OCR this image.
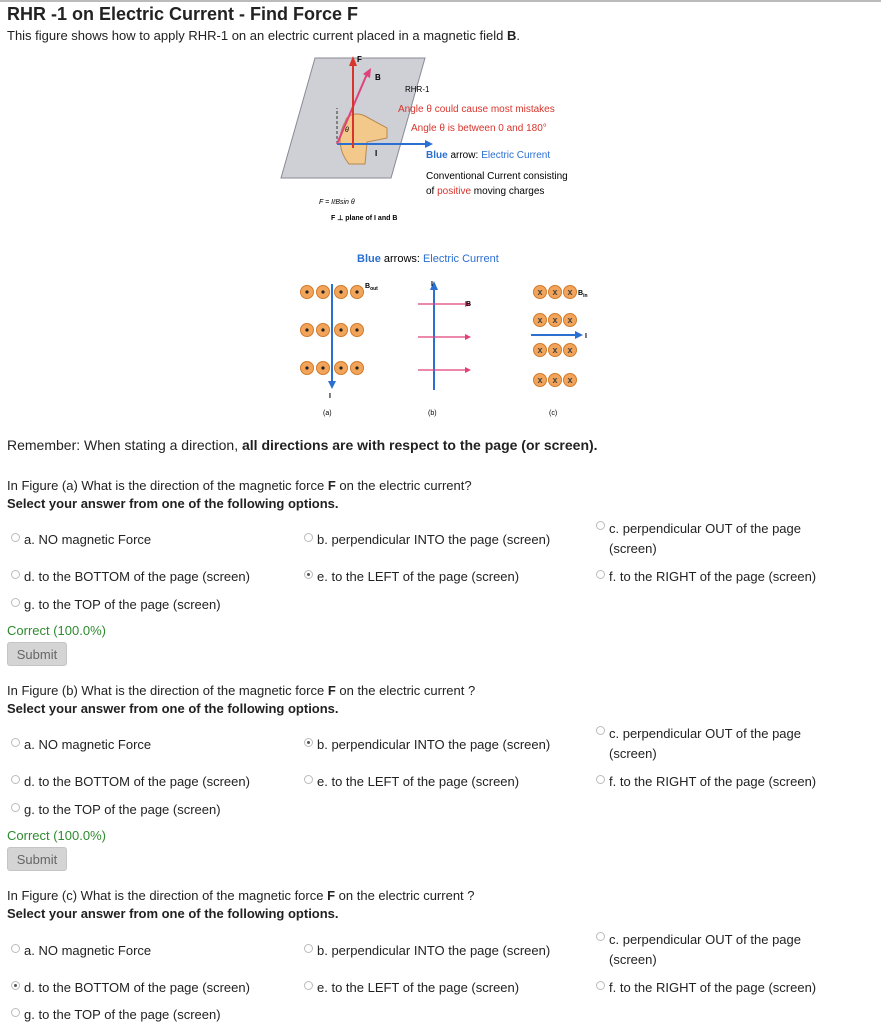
RHR -1 on Electric Current - Find Force F
This figure shows how to apply RHR-1 on an electric current placed in a magnetic field B.
F
B
I
θ
RHR-1
Angle θ could cause most mistakes
Angle θ is between 0 and 180°
Blue arrow: Electric Current
Conventional Current consisting
of positive moving charges
F = IℓBsin θ
F ⊥ plane of I and B
Blue arrows: Electric Current
$B_{out}$
I
I
B
x x x
x x x
x x x
x x x
I
$B_{in}$
(a)	(b)	(c)
Remember: When stating a direction, all directions are with respect to the page (or screen).
In Figure (a) What is the direction of the magnetic force F on the electric current?
Select your answer from one of the following options.
a. NO magnetic Force	b. perpendicular INTO the page (screen)
c. perpendicular OUT of the page (screen)
d. to the BOTTOM of the page (screen)	e. to the LEFT of the page (screen)	f. to the RIGHT of the page (screen)
g. to the TOP of the page (screen)
Correct (100.0%)
Submit
In Figure (b) What is the direction of the magnetic force F on the electric current ?
Select your answer from one of the following options.
a. NO magnetic Force	b. perpendicular INTO the page (screen)
c. perpendicular OUT of the page (screen)
d. to the BOTTOM of the page (screen)	e. to the LEFT of the page (screen)	f. to the RIGHT of the page (screen)
g. to the TOP of the page (screen)
Correct (100.0%)
Submit
In Figure (c) What is the direction of the magnetic force F on the electric current ?
Select your answer from one of the following options.
a. NO magnetic Force	b. perpendicular INTO the page (screen)
c. perpendicular OUT of the page (screen)
d. to the BOTTOM of the page (screen)	e. to the LEFT of the page (screen)	f. to the RIGHT of the page (screen)
g. to the TOP of the page (screen)
